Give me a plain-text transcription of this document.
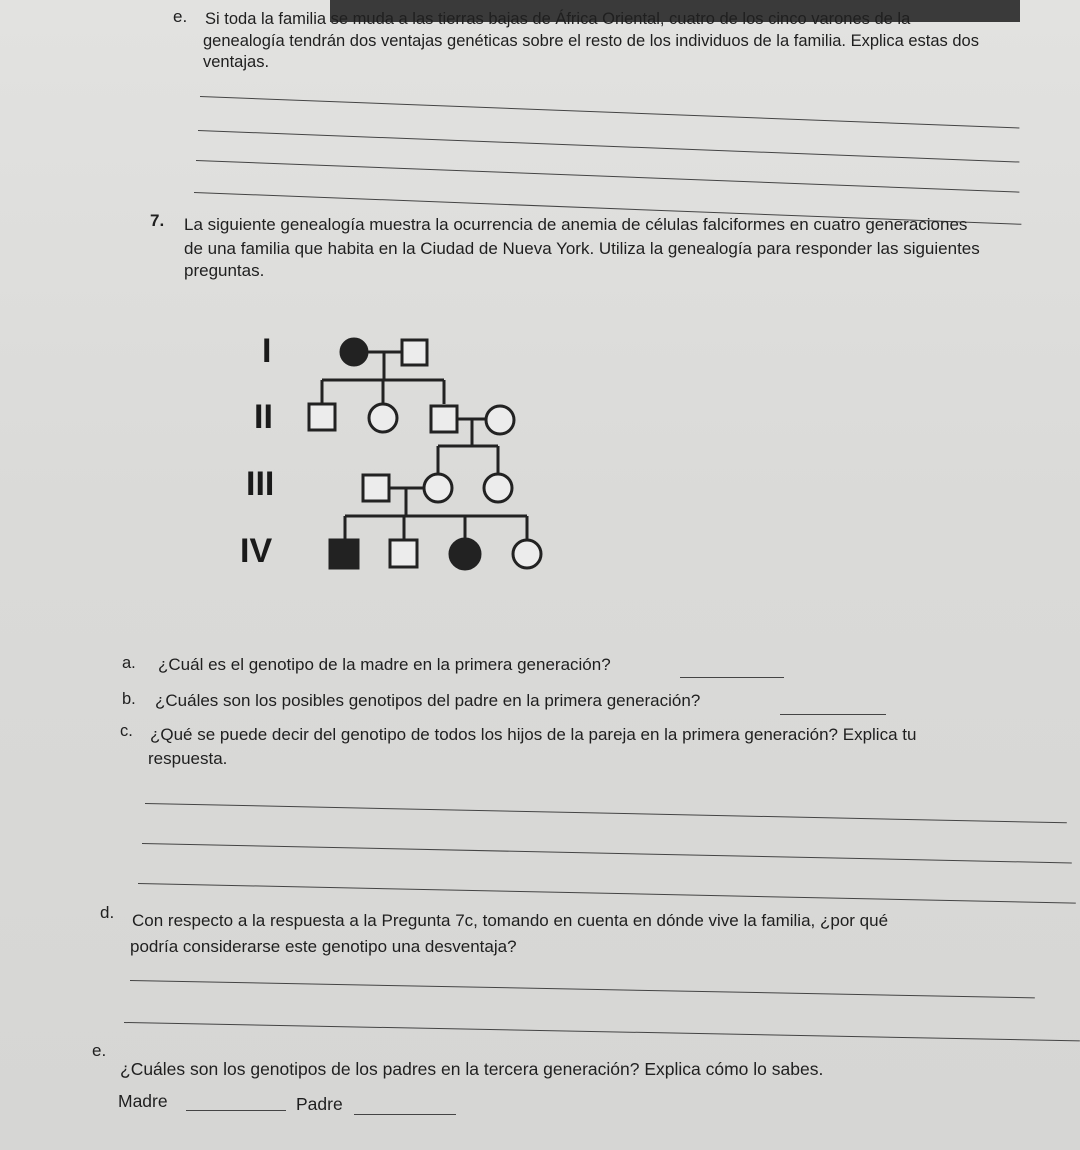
e. Si toda la familia se muda a las tierras bajas de África Oriental, cuatro de los cinco varones de la
genealogía tendrán dos ventajas genéticas sobre el resto de los individuos de la familia. Explica estas dos
ventajas.
7. La siguiente genealogía muestra la ocurrencia de anemia de células falciformes en cuatro generaciones
de una familia que habita en la Ciudad de Nueva York. Utiliza la genealogía para responder las siguientes
preguntas.
I
II
III
IV
a. ¿Cuál es el genotipo de la madre en la primera generación?
b. ¿Cuáles son los posibles genotipos del padre en la primera generación?
c. ¿Qué se puede decir del genotipo de todos los hijos de la pareja en la primera generación? Explica tu
respuesta.
d. Con respecto a la respuesta a la Pregunta 7c, tomando en cuenta en dónde vive la familia, ¿por qué
podría considerarse este genotipo una desventaja?
e.
¿Cuáles son los genotipos de los padres en la tercera generación? Explica cómo lo sabes.
Madre	Padre
